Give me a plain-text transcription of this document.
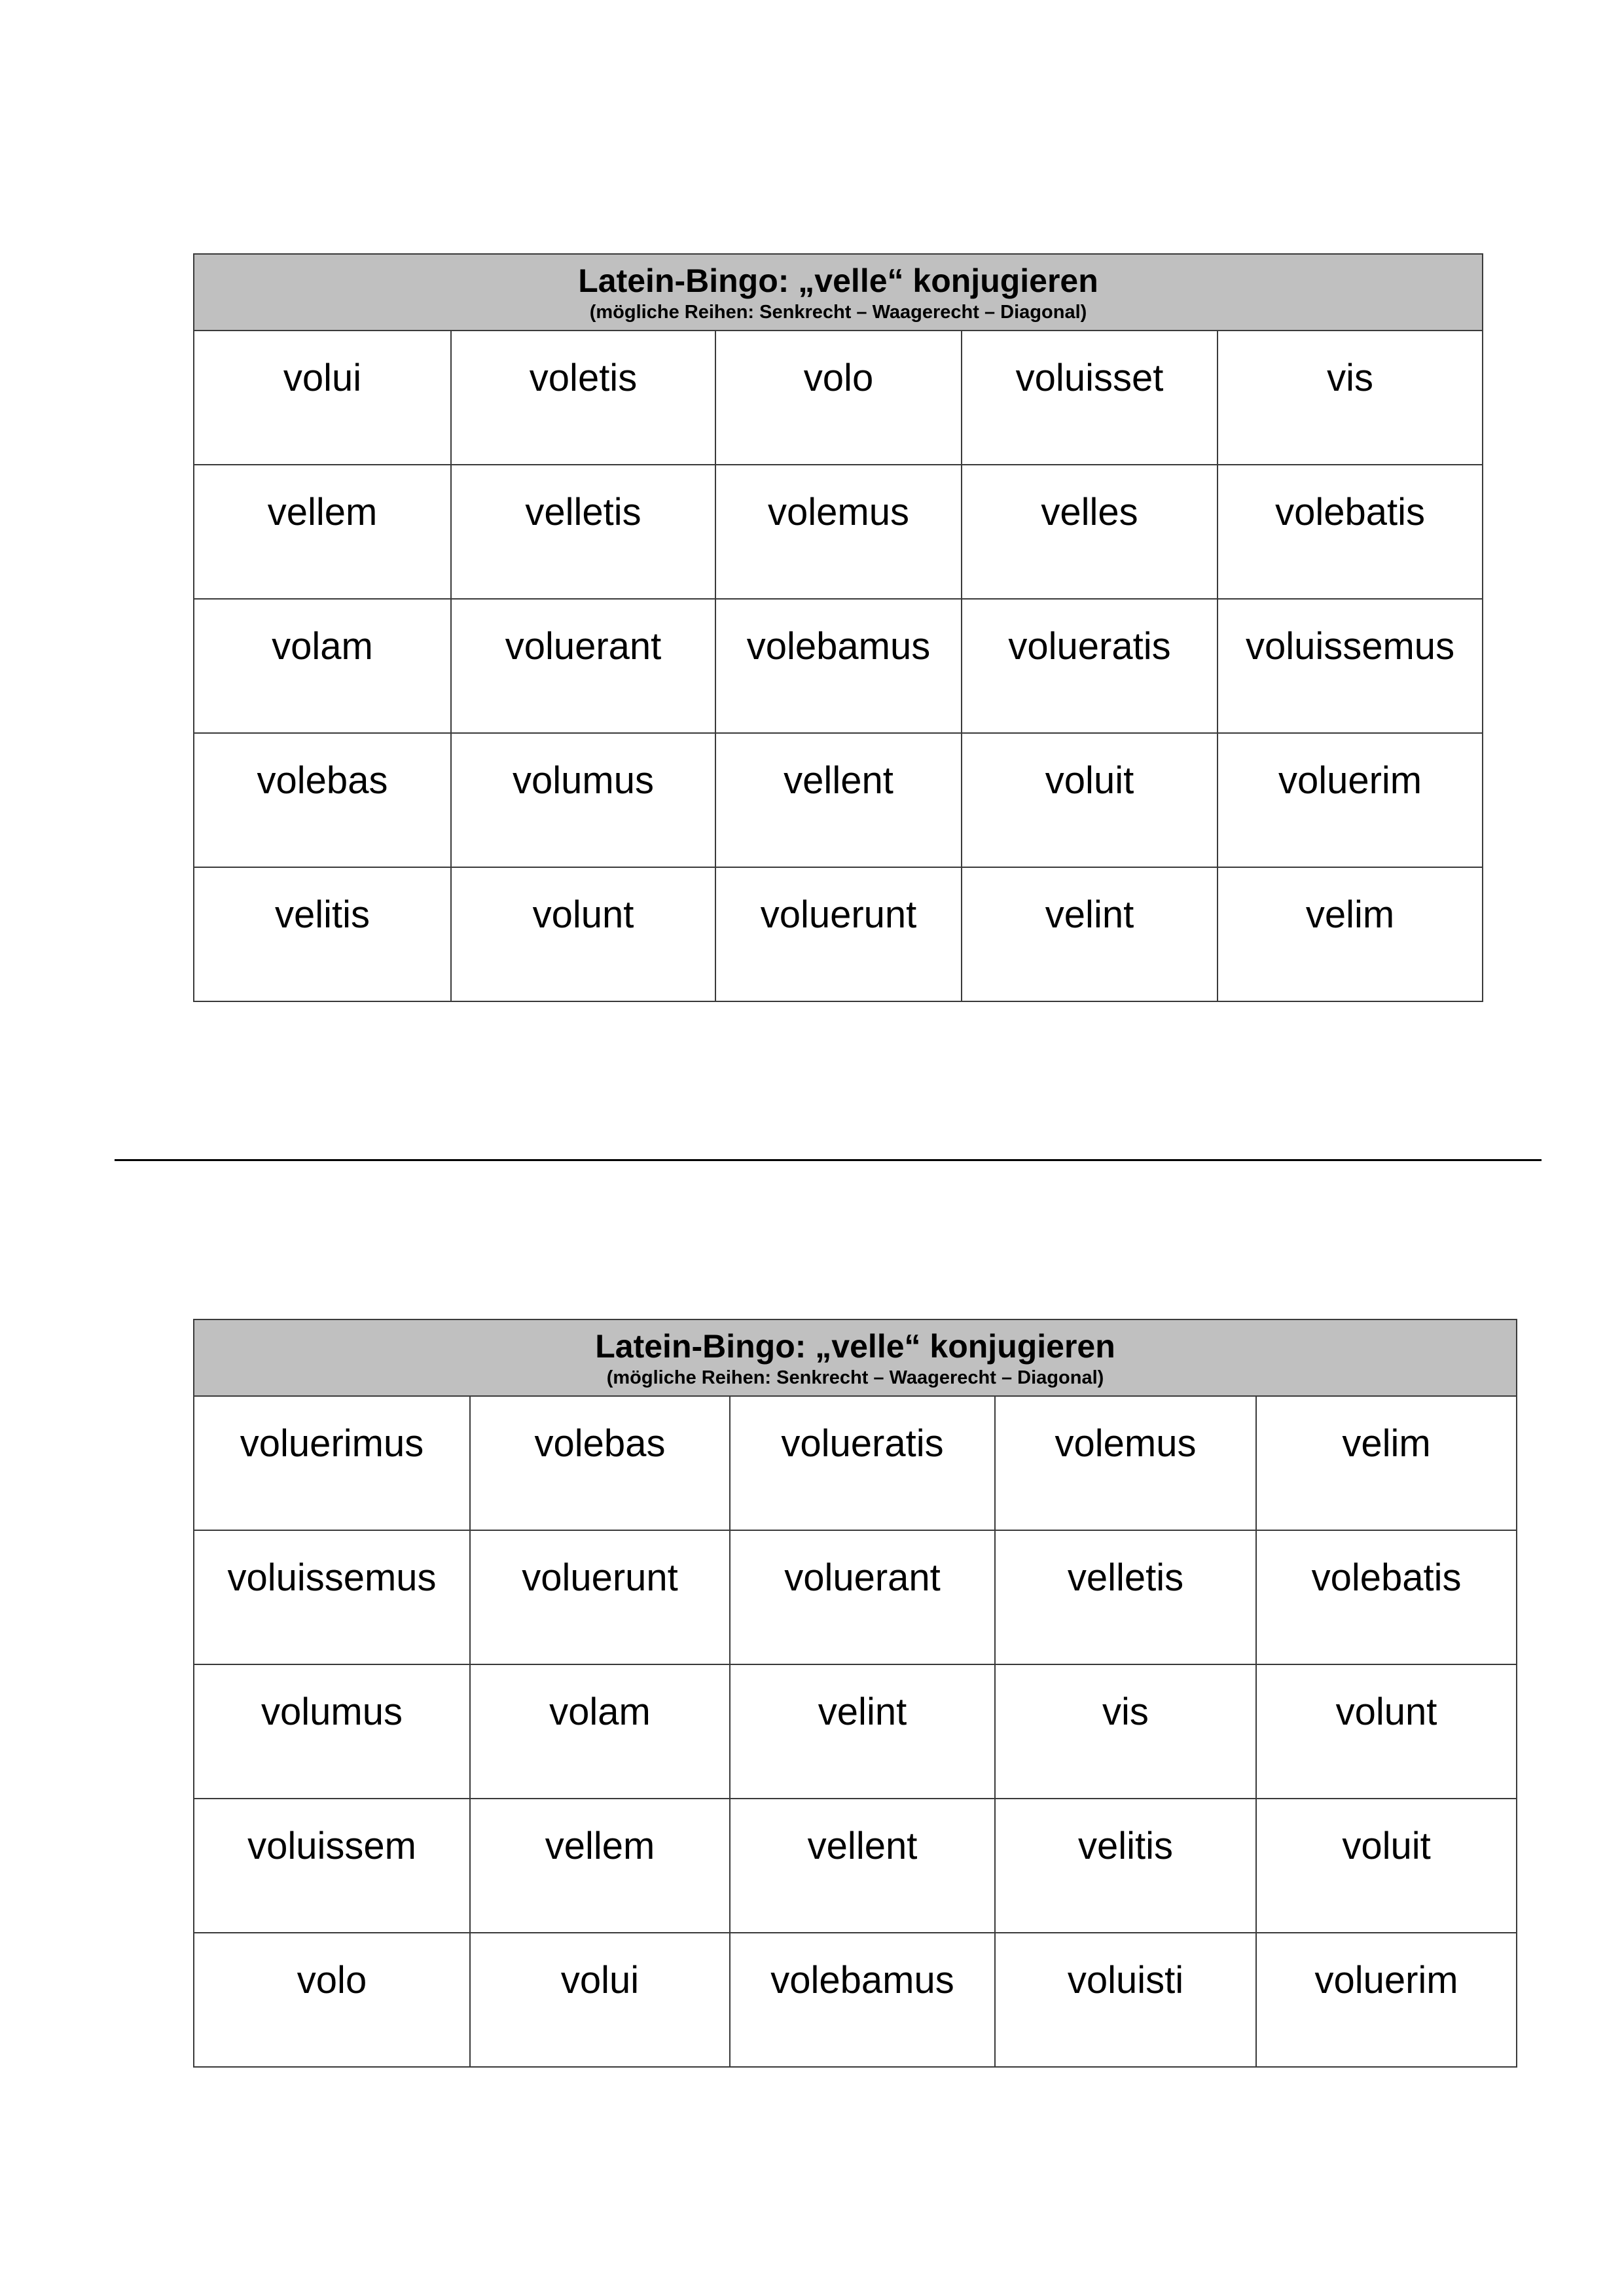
Latein-Bingo: „velle“ konjugieren
(mögliche Reihen: Senkrecht – Waagerecht – Diagonal)				

volui	voletis	volo	voluisset	vis

vellem	velletis	volemus	velles	volebatis

volam	voluerant	volebamus	volueratis	voluissemus

volebas	volumus	vellent	voluit	voluerim

velitis	volunt	voluerunt	velint	velim
Latein-Bingo: „velle“ konjugieren
(mögliche Reihen: Senkrecht – Waagerecht – Diagonal)				

voluerimus	volebas	volueratis	volemus	velim

voluissemus	voluerunt	voluerant	velletis	volebatis

volumus	volam	velint	vis	volunt

voluissem	vellem	vellent	velitis	voluit

volo	volui	volebamus	voluisti	voluerim
